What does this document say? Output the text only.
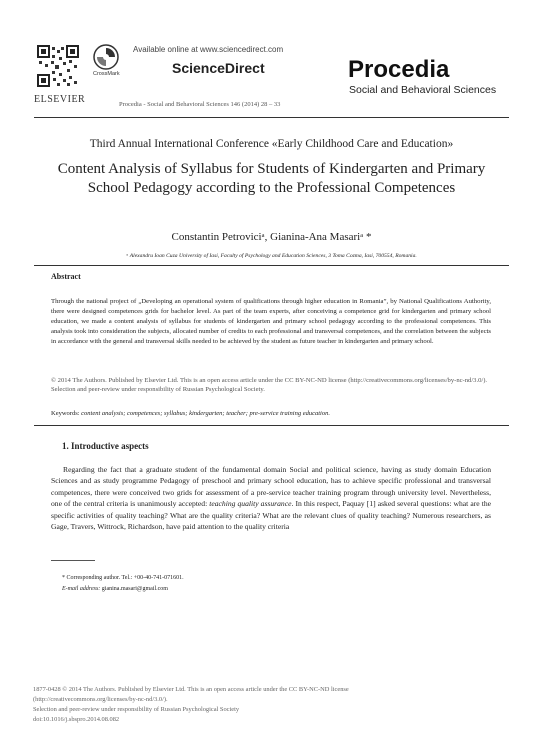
ELSEVIER
CrossMark
Available online at www.sciencedirect.com
ScienceDirect
Procedia - Social and Behavioral Sciences 146 (2014) 28 – 33
Procedia
Social and Behavioral Sciences
Third Annual International Conference «Early Childhood Care and Education»
Content Analysis of Syllabus for Students of Kindergarten and Primary School Pedagogy according to the Professional Competences
Constantin Petroviciᵃ, Gianina-Ana Masariᵃ *
ᵃ Alexandru Ioan Cuza University of Iasi, Faculty of Psychology and Education Sciences, 3 Toma Cozma, Iasi, 700554, Romania.
Abstract
Through the national project of „Developing an operational system of qualifications through higher education in Romania”, by National Qualifications Authority, there were designed competences grids for bachelor level. As part of the team experts, after conceiving a competence grid for kindergarten and primary school education, we made a content analysis of syllabus for students of kindergarten and primary school pedagogy according to the professional competences. This analysis took into consideration the subjects, allocated number of credits to each professional and transversal competences, and the correlation between the subjects in accordance with the general and transversal skills needed to be achieved by the student as future teacher in kindergarten and primary school.
© 2014 The Authors. Published by Elsevier Ltd. This is an open access article under the CC BY-NC-ND license (http://creativecommons.org/licenses/by-nc-nd/3.0/).
Selection and peer-review under responsibility of Russian Psychological Society.
Keywords: content analysis; competences; syllabus; kindergarten; teacher; pre-service training education.
1. Introductive aspects
Regarding the fact that a graduate student of the fundamental domain Social and political science, having as study domain Education Sciences and as study programme Pedagogy of preschool and primary school education, has to achieve specific professional and transversal competences, there were conceived two grids for assessment of a pre-service teacher training program through university level. Nevertheless, one of the central criteria is unanimously accepted: teaching quality assurance. In this respect, Paquay [1] asked several questions: what are the specific activities of quality teaching? What are the quality criteria? What are the relevant clues of quality teaching? Numerous researchers, as Gage, Travers, Wittrock, Richardson, have paid attention to the quality criteria
* Corresponding author. Tel.: +00-40-741-071601.
E-mail address: gianina.masari@gmail.com
1877-0428 © 2014 The Authors. Published by Elsevier Ltd. This is an open access article under the CC BY-NC-ND license
(http://creativecommons.org/licenses/by-nc-nd/3.0/).
Selection and peer-review under responsibility of Russian Psychological Society
doi:10.1016/j.sbspro.2014.08.082
